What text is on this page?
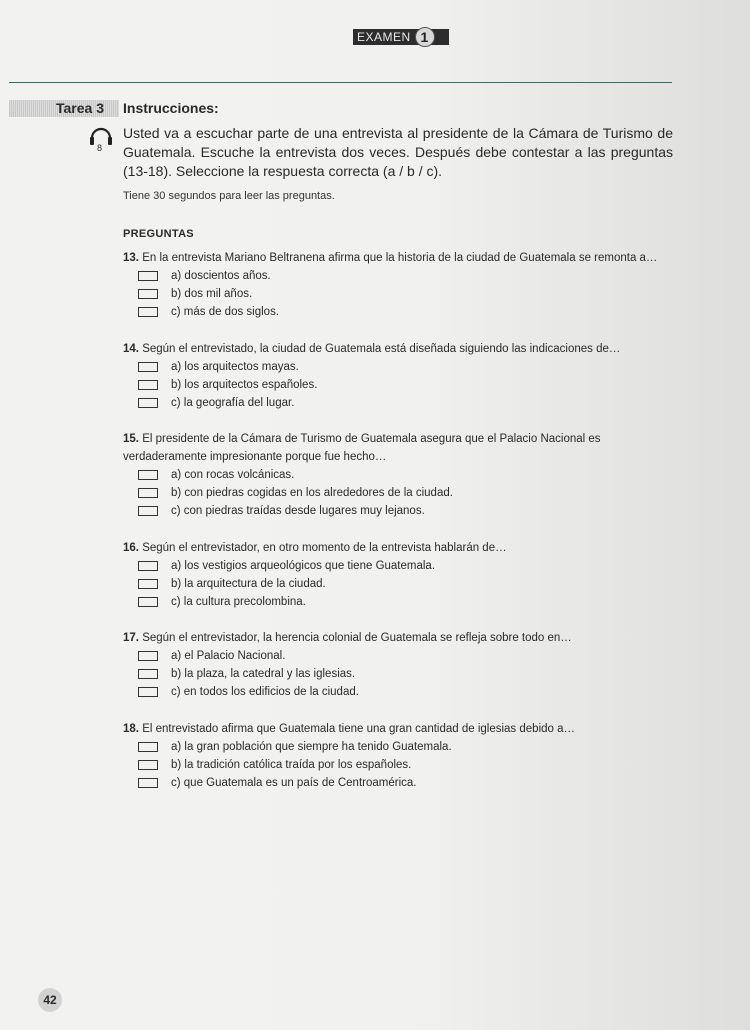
EXAMEN 1
Tarea 3	Instrucciones:
8
Usted va a escuchar parte de una entrevista al presidente de la Cámara de Turismo de Guatemala. Escuche la entrevista dos veces. Después debe contestar a las preguntas (13-18). Seleccione la respuesta correcta (a / b / c).
Tiene 30 segundos para leer las preguntas.
PREGUNTAS
13. En la entrevista Mariano Beltranena afirma que la historia de la ciudad de Guatemala se remonta a…
a) doscientos años.
b) dos mil años.
c) más de dos siglos.
14. Según el entrevistado, la ciudad de Guatemala está diseñada siguiendo las indicaciones de…
a) los arquitectos mayas.
b) los arquitectos españoles.
c) la geografía del lugar.
15. El presidente de la Cámara de Turismo de Guatemala asegura que el Palacio Nacional es verdaderamente impresionante porque fue hecho…
a) con rocas volcánicas.
b) con piedras cogidas en los alrededores de la ciudad.
c) con piedras traídas desde lugares muy lejanos.
16. Según el entrevistador, en otro momento de la entrevista hablarán de…
a) los vestigios arqueológicos que tiene Guatemala.
b) la arquitectura de la ciudad.
c) la cultura precolombina.
17. Según el entrevistador, la herencia colonial de Guatemala se refleja sobre todo en…
a) el Palacio Nacional.
b) la plaza, la catedral y las iglesias.
c) en todos los edificios de la ciudad.
18. El entrevistado afirma que Guatemala tiene una gran cantidad de iglesias debido a…
a) la gran población que siempre ha tenido Guatemala.
b) la tradición católica traída por los españoles.
c) que Guatemala es un país de Centroamérica.
42
